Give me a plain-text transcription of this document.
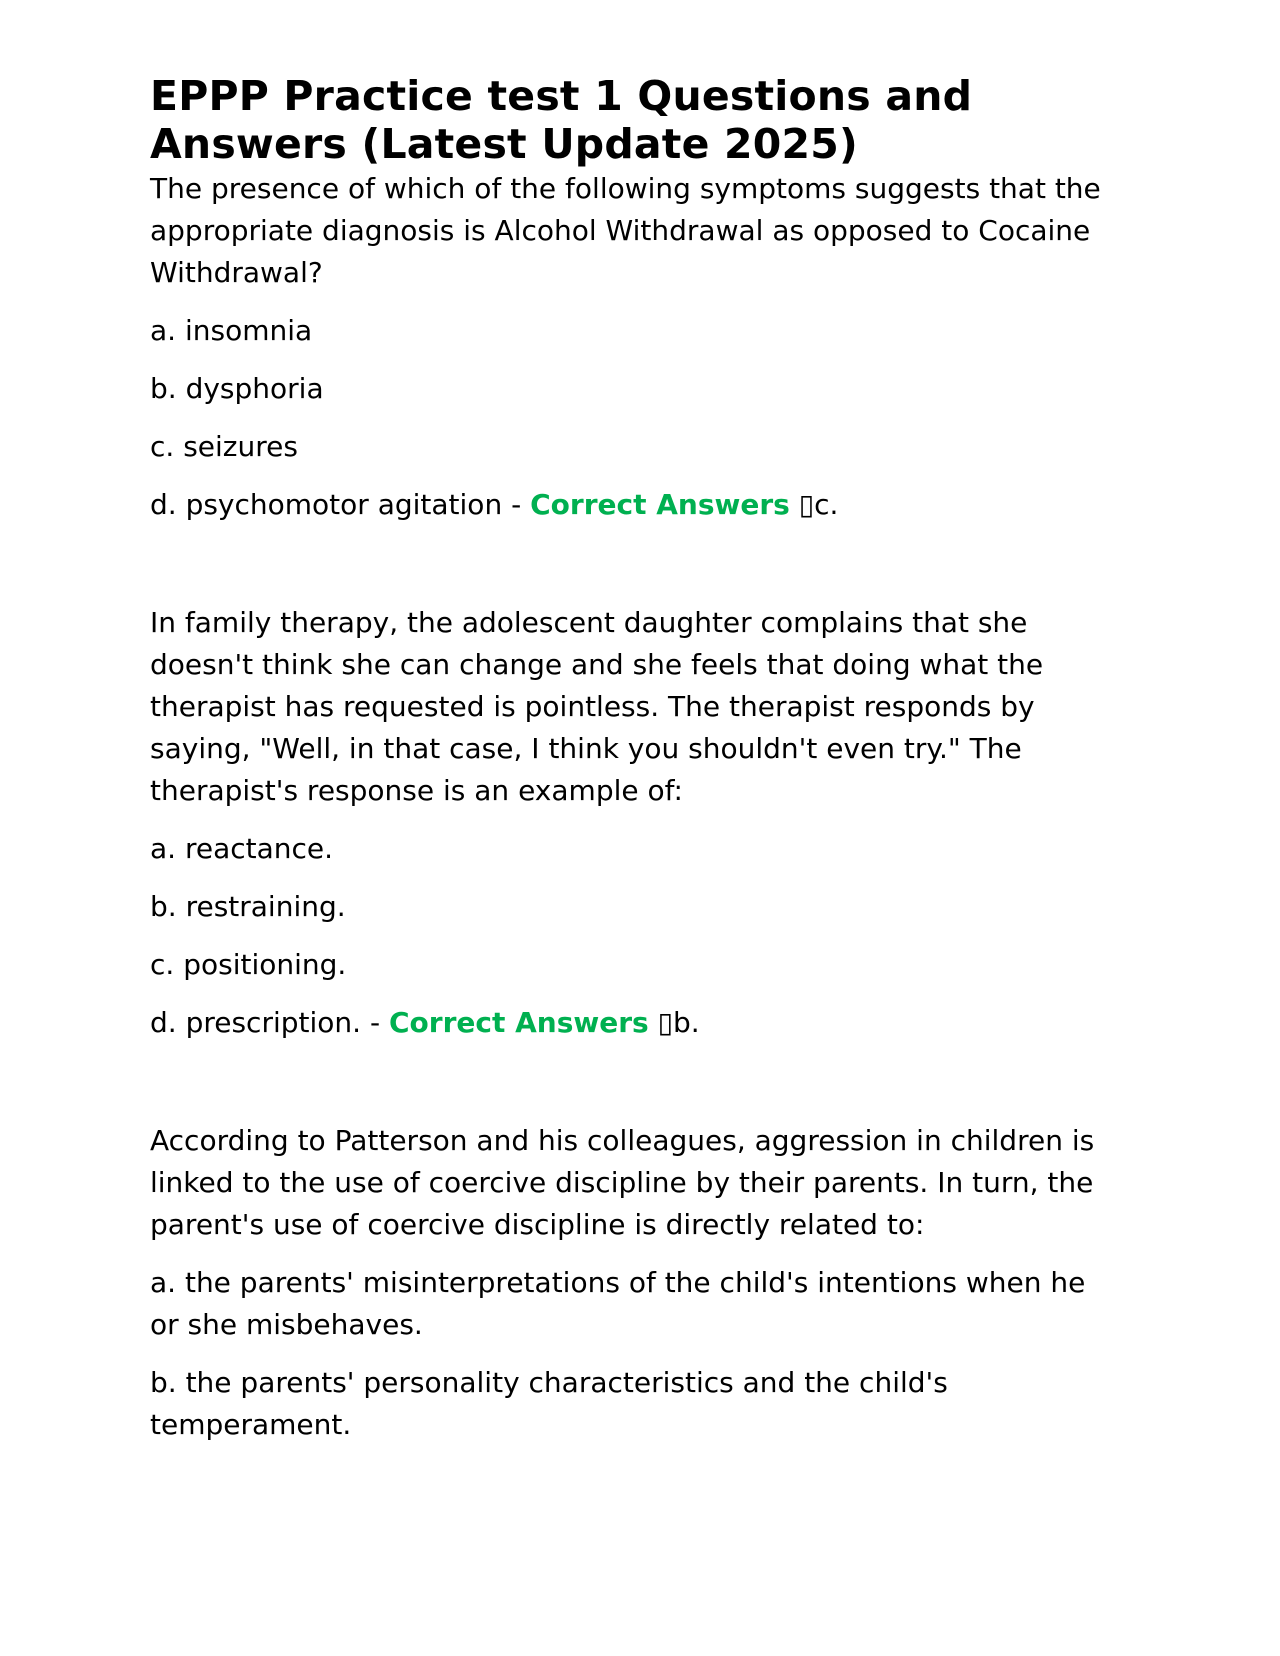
EPPP Practice test 1 Questions and Answers (Latest Update 2025)

The presence of which of the following symptoms suggests that the appropriate diagnosis is Alcohol Withdrawal as opposed to Cocaine Withdrawal?

a. insomnia

b. dysphoria

c. seizures

d. psychomotor agitation - Correct Answers ▯c.

In family therapy, the adolescent daughter complains that she doesn't think she can change and she feels that doing what the therapist has requested is pointless. The therapist responds by saying, "Well, in that case, I think you shouldn't even try." The therapist's response is an example of:

a. reactance.

b. restraining.

c. positioning.

d. prescription. - Correct Answers ▯b.

According to Patterson and his colleagues, aggression in children is linked to the use of coercive discipline by their parents. In turn, the parent's use of coercive discipline is directly related to:

a. the parents' misinterpretations of the child's intentions when he or she misbehaves.

b. the parents' personality characteristics and the child's temperament.
